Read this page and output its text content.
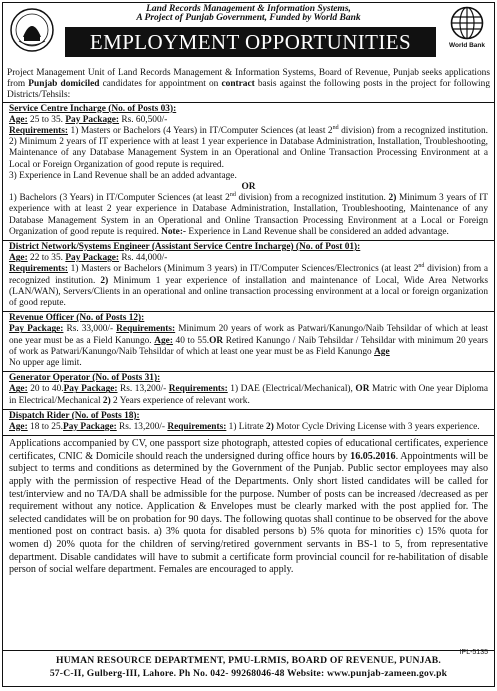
Land Records Management & Information Systems,
A Project of Punjab Government, Funded by World Bank
EMPLOYMENT OPPORTUNITIES	World Bank
Project Management Unit of Land Records Management & Information Systems, Board of Revenue, Punjab seeks applications from Punjab domiciled candidates for appointment on contract basis against the following posts in the project for following Districts/Tehsils:
Service Centre Incharge (No. of Posts 03):
Age: 25 to 35. Pay Package: Rs. 60,500/-
Requirements: 1) Masters or Bachelors (4 Years) in IT/Computer Sciences (at least 2nd division) from a recognized institution. 2) Minimum 2 years of IT experience with at least 1 year experience in Database Administration, Installation, Troubleshooting, Maintenance of any Database Management System in an Operational and Online Transaction Processing Environment at a Local or Foreign Organization of good repute is required.
3) Experience in Land Revenue shall be an added advantage.
OR
1) Bachelors (3 Years) in IT/Computer Sciences (at least 2nd division) from a recognized institution. 2) Minimum 3 years of IT experience with at least 2 year experience in Database Administration, Installation, Troubleshooting, Maintenance of any Database Management System in an Operational and Online Transaction Processing Environment at a Local or Foreign Organization of good repute is required. Note:- Experience in Land Revenue shall be considered an added advantage.
District Network/Systems Engineer (Assistant Service Centre Incharge) (No. of Post 01):
Age: 22 to 35. Pay Package: Rs. 44,000/-
Requirements: 1) Masters or Bachelors (Minimum 3 years) in IT/Computer Sciences/Electronics (at least 2nd division) from a recognized institution. 2) Minimum 1 year experience of installation and maintenance of Local, Wide Area Networks (LAN/WAN), Servers/Clients in an operational and online transaction processing environment at a local or foreign organization of good repute.
Revenue Officer (No. of Posts 12):
Pay Package: Rs. 33,000/- Requirements: Minimum 20 years of work as Patwari/Kanungo/Naib Tehsildar of which at least one year must be as a Field Kanungo. Age: 40 to 55.OR Retired Kanungo / Naib Tehsildar / Tehsildar with minimum 20 years of work as Patwari/Kanungo/Naib Tehsildar of which at least one year must be as Field Kanungo Age
No upper age limit.
Generator Operator (No. of Posts 31):
Age: 20 to 40.Pay Package: Rs. 13,200/- Requirements: 1) DAE (Electrical/Mechanical), OR Matric with One year Diploma in Electrical/Mechanical 2) 2 Years experience of relevant work.
Dispatch Rider (No. of Posts 18):
Age: 18 to 25.Pay Package: Rs. 13,200/- Requirements: 1) Litrate 2) Motor Cycle Driving License with 3 years experience.
Applications accompanied by CV, one passport size photograph, attested copies of educational certificates, experience certificates, CNIC & Domicile should reach the undersigned during office hours by 16.05.2016. Appointments will be subject to terms and conditions as determined by the Government of the Punjab. Public sector employees may also apply with the permission of respective Head of the Departments. Only short listed candidates will be called for test/interview and no TA/DA shall be admissible for the purpose. Number of posts can be increased /decreased as per requirement without any notice. Application & Envelopes must be clearly marked with the post applied for. The selected candidates will be on probation for 90 days. The following quotas shall continue to be observed for the above mentioned post on contract basis. a) 3% quota for disabled persons b) 5% quota for minorities c) 15% quota for women d) 20% quota for the children of serving/retired government servants in BS-1 to 5, from representative department. Disable candidates will have to submit a certificate form provincial council for re-habilitation of disable person of social welfare department. Females are encouraged to apply.
IPL-5135
HUMAN RESOURCE DEPARTMENT, PMU-LRMIS, BOARD OF REVENUE, PUNJAB.
57-C-II, Gulberg-III, Lahore. Ph No. 042- 99268046-48 Website: www.punjab-zameen.gov.pk
